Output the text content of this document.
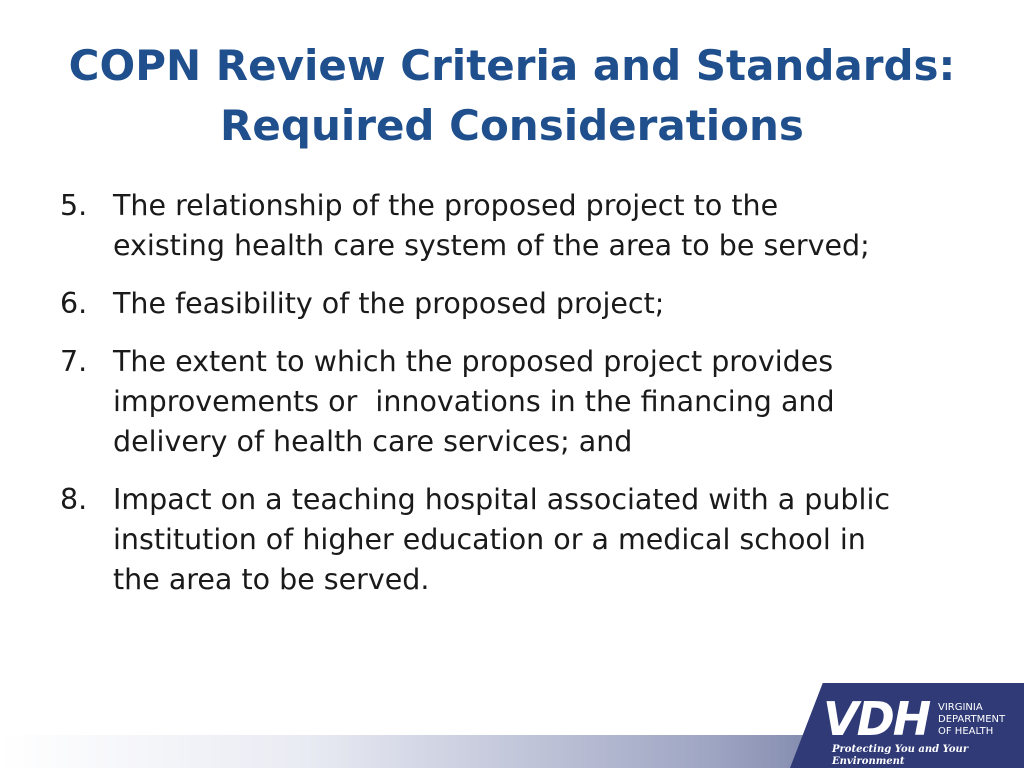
COPN Review Criteria and Standards:
Required Considerations
5. The relationship of the proposed project to the
existing health care system of the area to be served;
6. The feasibility of the proposed project;
7. The extent to which the proposed project provides
improvements or  innovations in the financing and
delivery of health care services; and
8. Impact on a teaching hospital associated with a public
institution of higher education or a medical school in
the area to be served.
VDH VIRGINIA
DEPARTMENT
OF HEALTH
Protecting You and Your Environment
